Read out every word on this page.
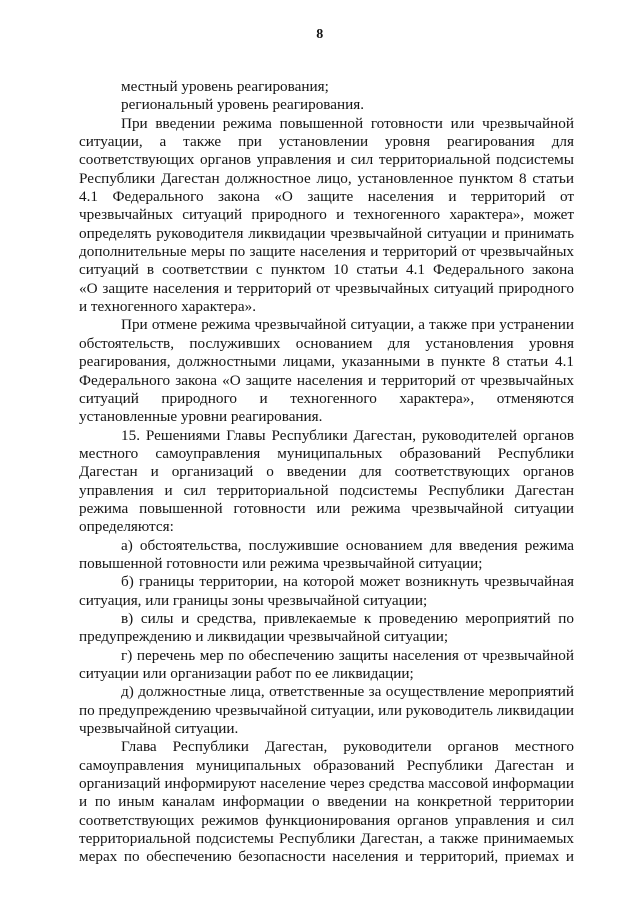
8
местный уровень реагирования;
региональный уровень реагирования.
При введении режима повышенной готовности или чрезвычайной
ситуации, а также при установлении уровня реагирования для
соответствующих органов управления и сил территориальной подсистемы
Республики Дагестан должностное лицо, установленное пунктом 8 статьи
4.1 Федерального закона «О защите населения и территорий от
чрезвычайных ситуаций природного и техногенного характера», может
определять руководителя ликвидации чрезвычайной ситуации и принимать
дополнительные меры по защите населения и территорий от чрезвычайных
ситуаций в соответствии с пунктом 10 статьи 4.1 Федерального закона
«О защите населения и территорий от чрезвычайных ситуаций природного
и техногенного характера».
При отмене режима чрезвычайной ситуации, а также при устранении
обстоятельств, послуживших основанием для установления уровня
реагирования, должностными лицами, указанными в пункте 8 статьи 4.1
Федерального закона «О защите населения и территорий от чрезвычайных
ситуаций природного и техногенного характера», отменяются
установленные уровни реагирования.
15. Решениями Главы Республики Дагестан, руководителей органов
местного самоуправления муниципальных образований Республики
Дагестан и организаций о введении для соответствующих органов
управления и сил территориальной подсистемы Республики Дагестан
режима повышенной готовности или режима чрезвычайной ситуации
определяются:
а) обстоятельства, послужившие основанием для введения режима
повышенной готовности или режима чрезвычайной ситуации;
б) границы территории, на которой может возникнуть чрезвычайная
ситуация, или границы зоны чрезвычайной ситуации;
в) силы и средства, привлекаемые к проведению мероприятий по
предупреждению и ликвидации чрезвычайной ситуации;
г) перечень мер по обеспечению защиты населения от чрезвычайной
ситуации или организации работ по ее ликвидации;
д) должностные лица, ответственные за осуществление мероприятий
по предупреждению чрезвычайной ситуации, или руководитель ликвидации
чрезвычайной ситуации.
Глава Республики Дагестан, руководители органов местного
самоуправления муниципальных образований Республики Дагестан и
организаций информируют население через средства массовой информации
и по иным каналам информации о введении на конкретной территории
соответствующих режимов функционирования органов управления и сил
территориальной подсистемы Республики Дагестан, а также принимаемых
мерах по обеспечению безопасности населения и территорий, приемах и
